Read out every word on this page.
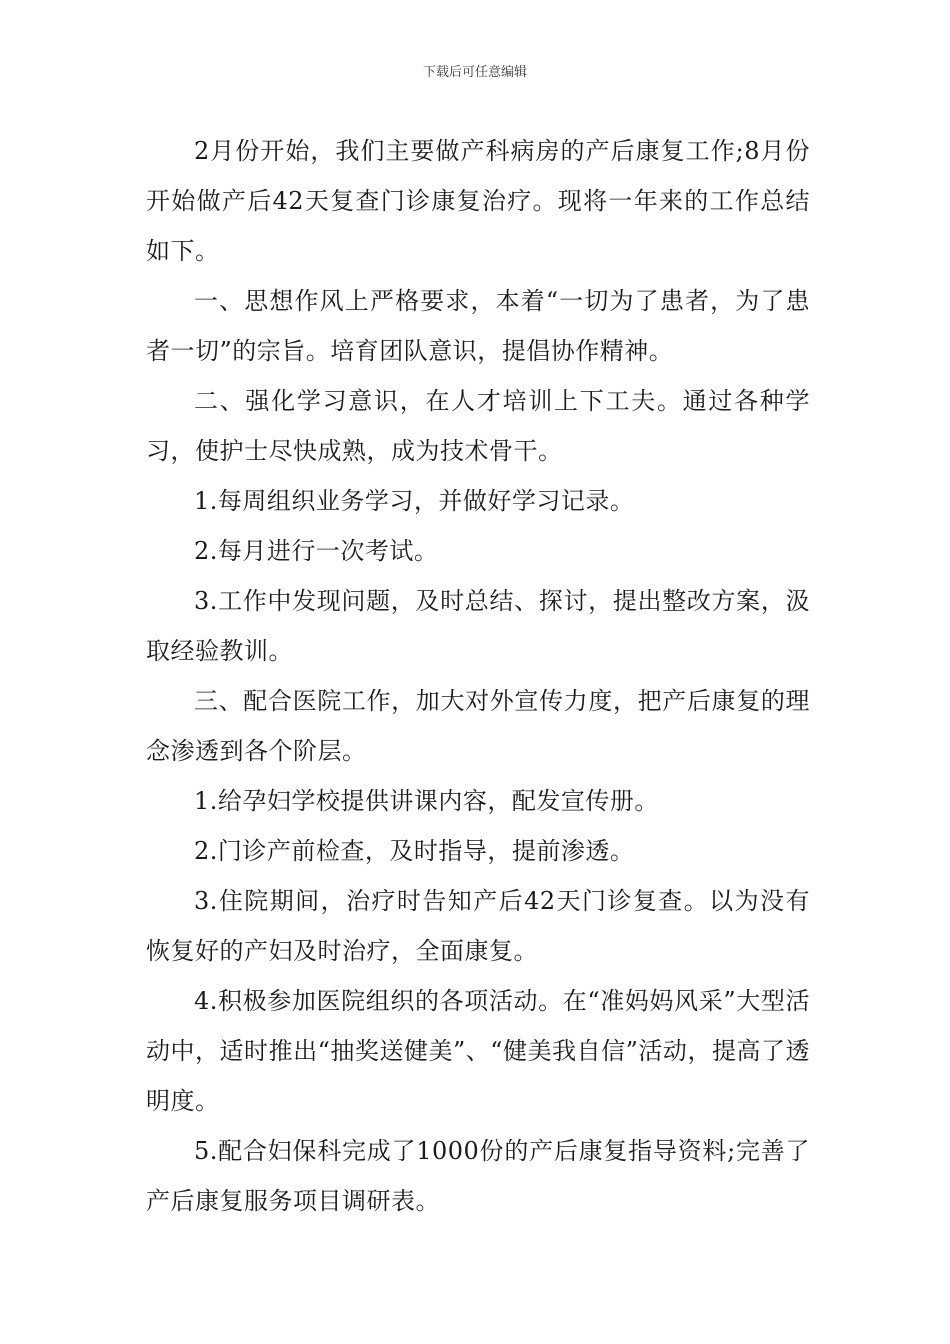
下载后可任意编辑

2月份开始，我们主要做产科病房的产后康复工作;8月份开始做产后42天复查门诊康复治疗。现将一年来的工作总结如下。

一、思想作风上严格要求，本着“一切为了患者，为了患者一切”的宗旨。培育团队意识，提倡协作精神。

二、强化学习意识，在人才培训上下工夫。通过各种学习，使护士尽快成熟，成为技术骨干。

1.每周组织业务学习，并做好学习记录。

2.每月进行一次考试。

3.工作中发现问题，及时总结、探讨，提出整改方案，汲取经验教训。

三、配合医院工作，加大对外宣传力度，把产后康复的理念渗透到各个阶层。

1.给孕妇学校提供讲课内容，配发宣传册。

2.门诊产前检查，及时指导，提前渗透。

3.住院期间，治疗时告知产后42天门诊复查。以为没有恢复好的产妇及时治疗，全面康复。

4.积极参加医院组织的各项活动。在“准妈妈风采”大型活动中，适时推出“抽奖送健美”、“健美我自信”活动，提高了透明度。

5.配合妇保科完成了1000份的产后康复指导资料;完善了产后康复服务项目调研表。
